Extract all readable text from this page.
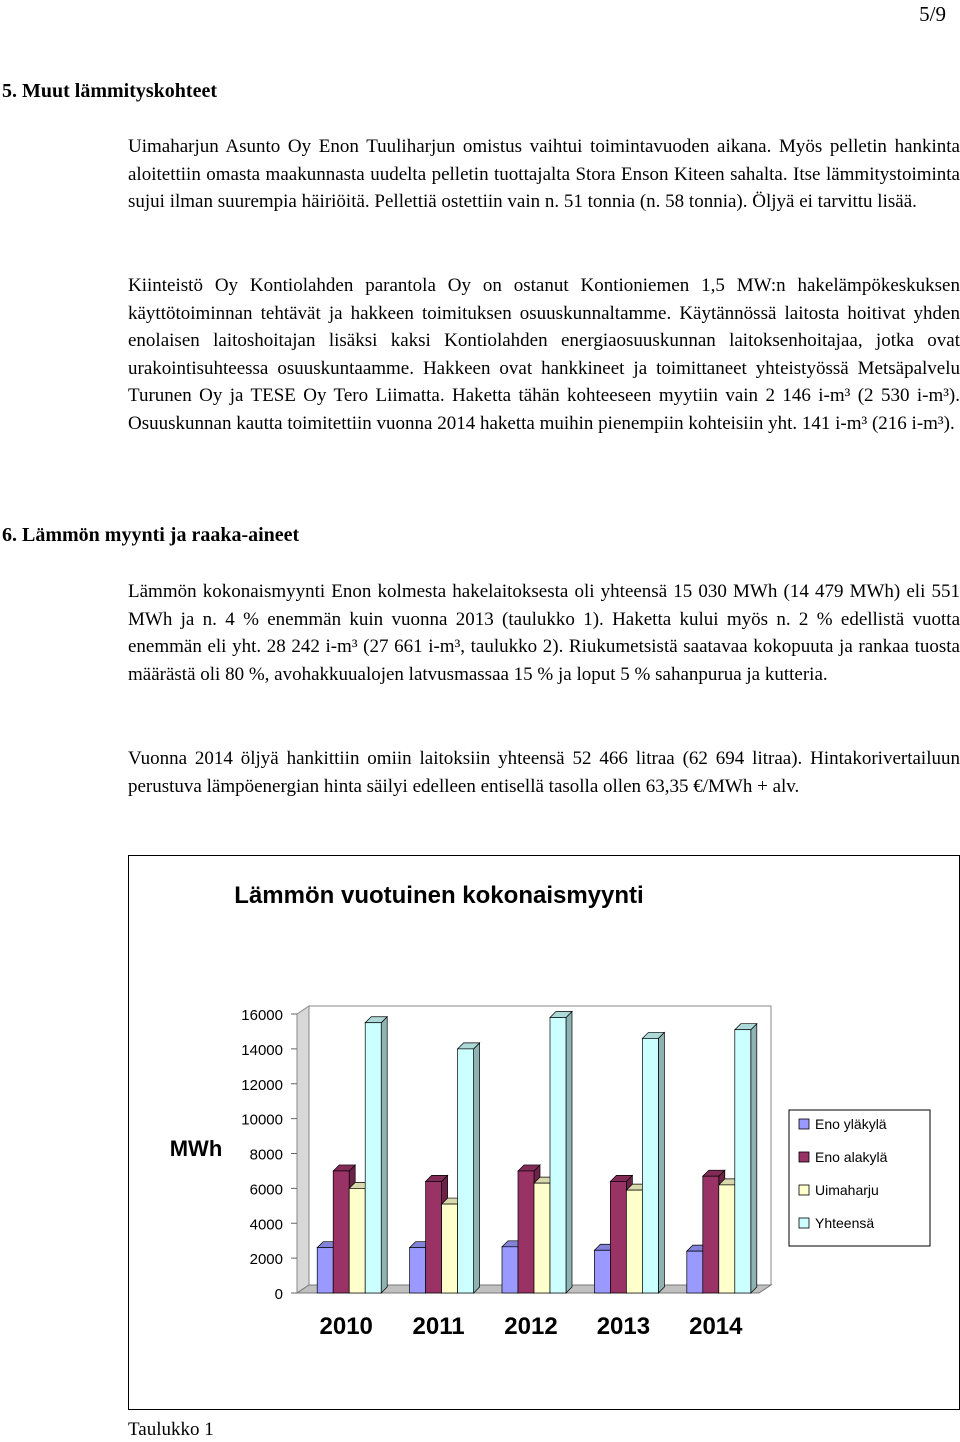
5/9
5. Muut lämmityskohteet

Uimaharjun Asunto Oy Enon Tuuliharjun omistus vaihtui toimintavuoden aikana. Myös pelletin hankinta aloitettiin omasta maakunnasta uudelta pelletin tuottajalta Stora Enson Kiteen sahalta. Itse lämmitystoiminta sujui ilman suurempia häiriöitä. Pellettiä ostettiin vain n. 51 tonnia (n. 58 tonnia). Öljyä ei tarvittu lisää.

Kiinteistö Oy Kontiolahden parantola Oy on ostanut Kontioniemen 1,5 MW:n hakelämpökeskuksen käyttötoiminnan tehtävät ja hakkeen toimituksen osuuskunnaltamme. Käytännössä laitosta hoitivat yhden enolaisen laitoshoitajan lisäksi kaksi Kontiolahden energiaosuuskunnan laitoksenhoitajaa, jotka ovat urakointisuhteessa osuuskuntaamme. Hakkeen ovat hankkineet ja toimittaneet yhteistyössä Metsäpalvelu Turunen Oy ja TESE Oy Tero Liimatta. Haketta tähän kohteeseen myytiin vain 2 146 i-m³ (2 530 i-m³). Osuuskunnan kautta toimitettiin vuonna 2014 haketta muihin pienempiin kohteisiin yht. 141 i-m³ (216 i-m³).

6. Lämmön myynti ja raaka-aineet

Lämmön kokonaismyynti Enon kolmesta hakelaitoksesta oli yhteensä 15 030 MWh (14 479 MWh) eli 551 MWh ja n. 4 % enemmän kuin vuonna 2013 (taulukko 1). Haketta kului myös n. 2 % edellistä vuotta enemmän eli yht. 28 242 i-m³ (27 661 i-m³, taulukko 2). Riukumetsistä saatavaa kokopuuta ja rankaa tuosta määrästä oli 80 %, avohakkuualojen latvusmassaa 15 % ja loput 5 % sahanpurua ja kutteria.

Vuonna 2014 öljyä hankittiin omiin laitoksiin yhteensä 52 466 litraa (62 694 litraa). Hintakorivertailuun perustuva lämpöenergian hinta säilyi edelleen entisellä tasolla ollen 63,35 €/MWh + alv.

Lämmön vuotuinen kokonaismyynti
MWh
0
2000
4000
6000
8000
10000
12000
14000
16000
2010 2011 2012 2013 2014
Eno yläkylä
Eno alakylä
Uimaharju
Yhteensä

Taulukko 1
